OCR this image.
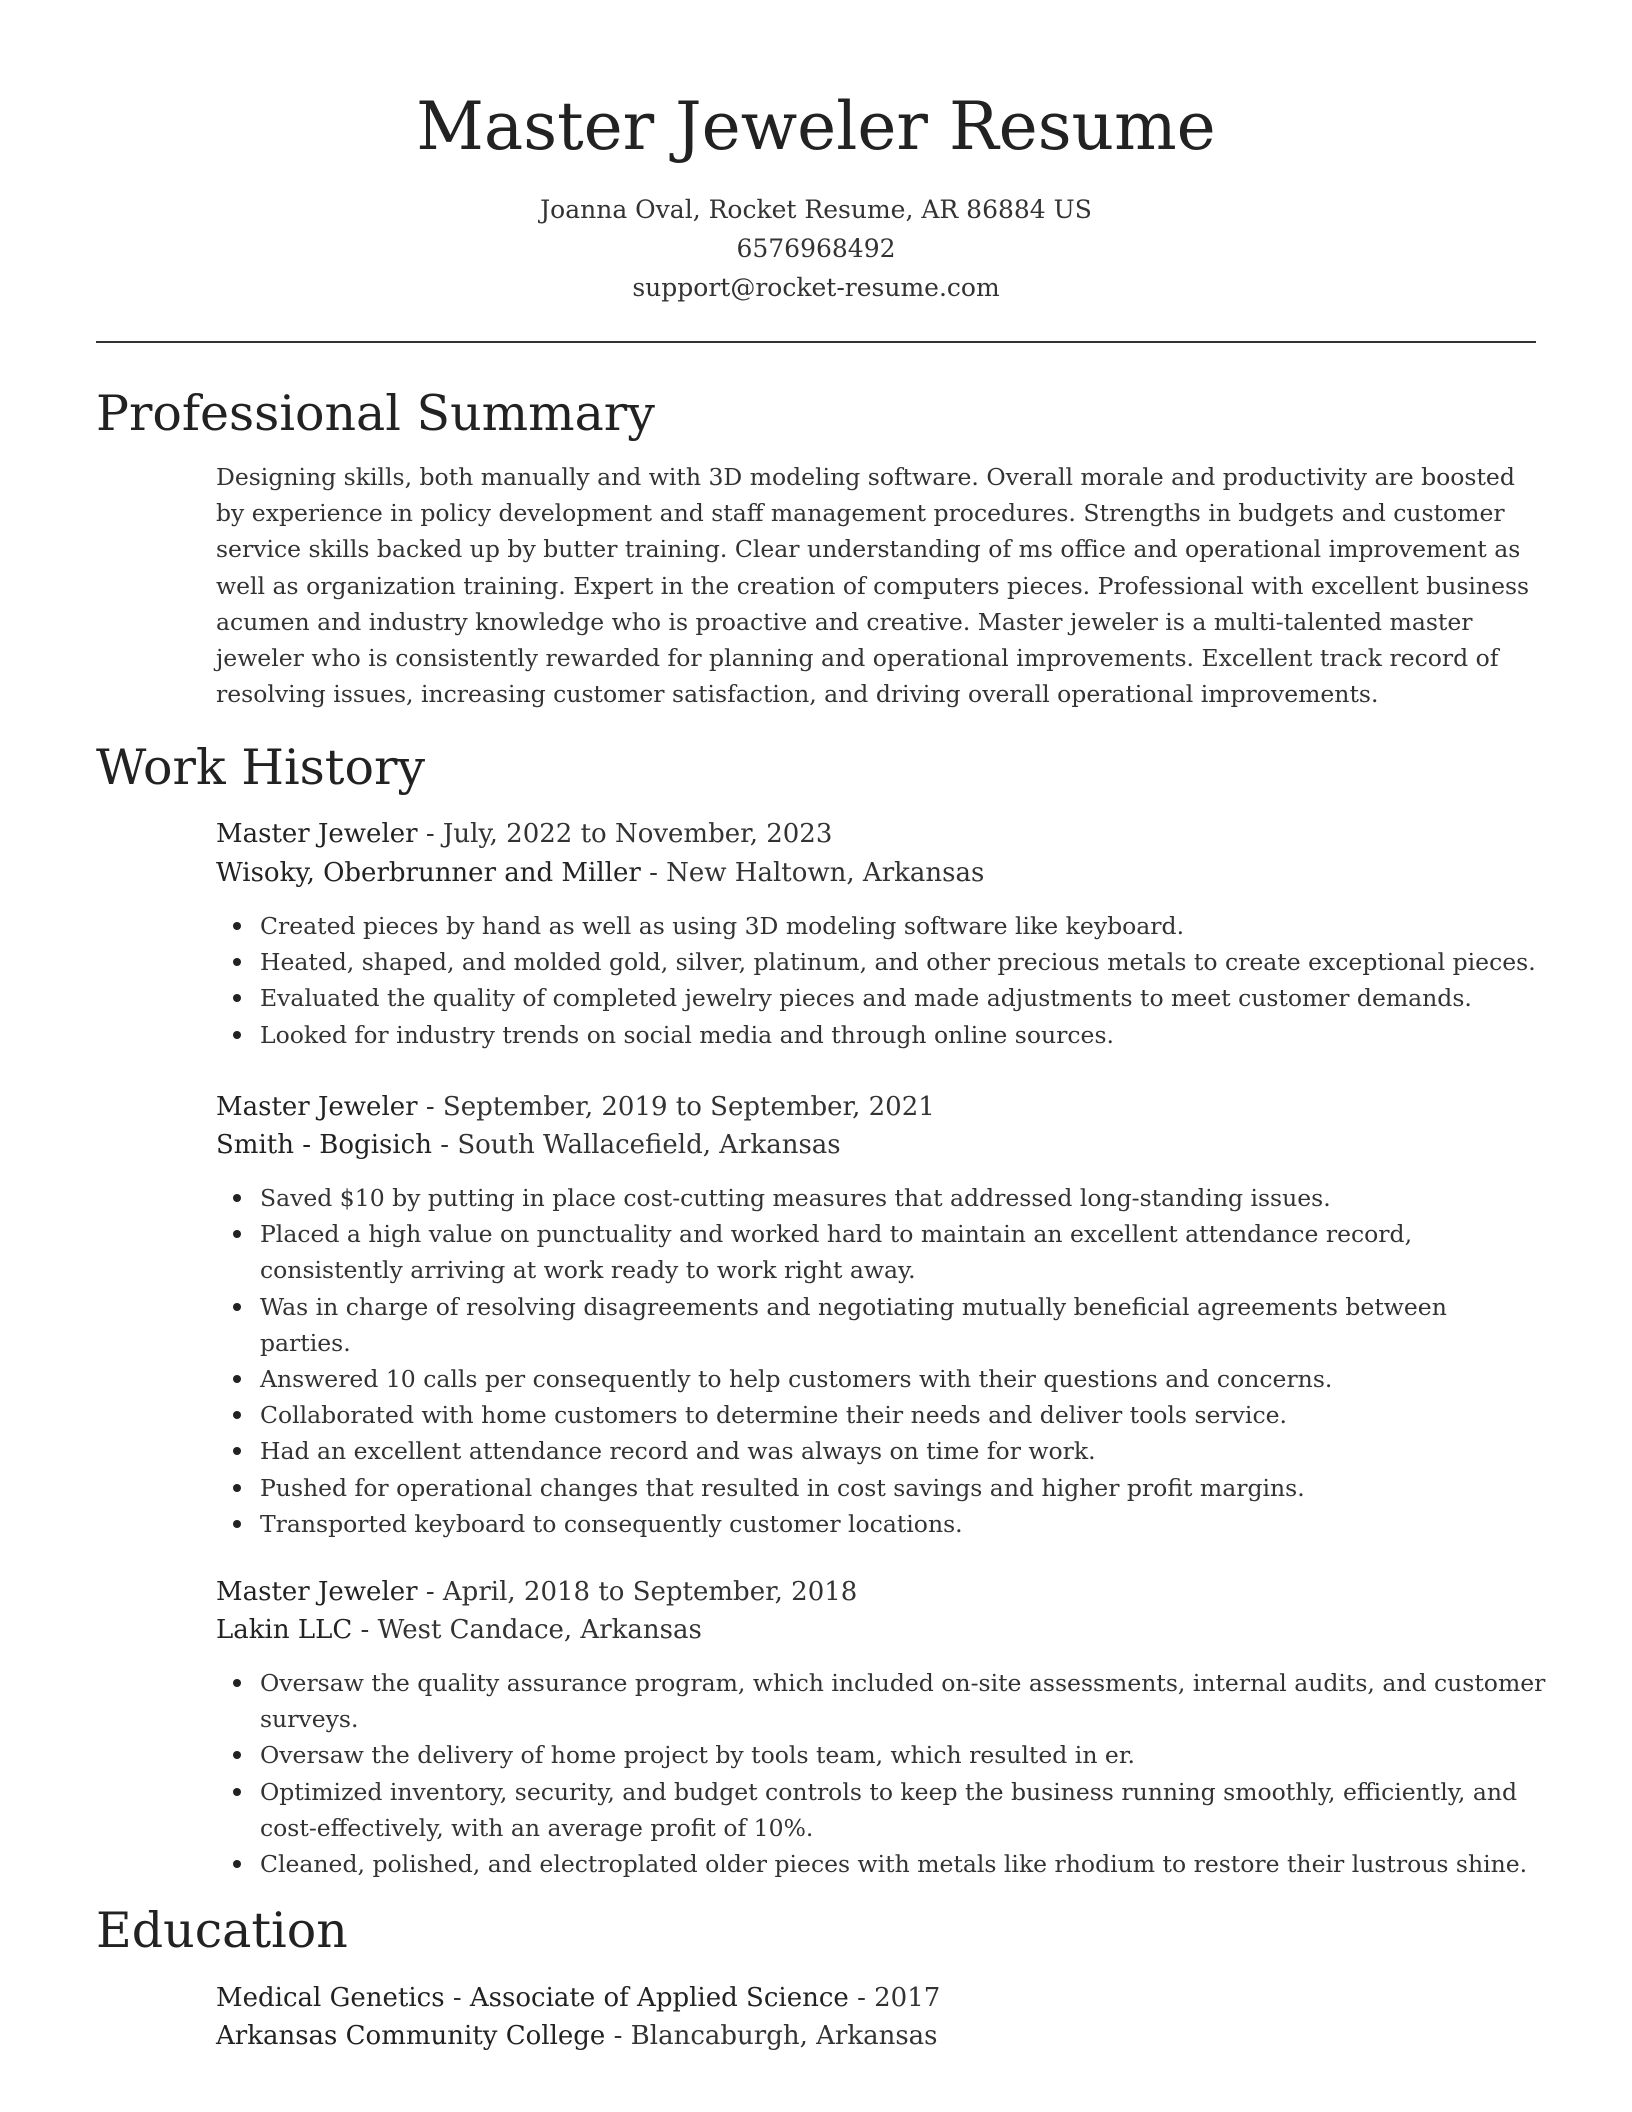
Master Jeweler Resume
Joanna Oval, Rocket Resume, AR 86884 US
6576968492
support@rocket-resume.com
Professional Summary

Designing skills, both manually and with 3D modeling software. Overall morale and productivity are boosted
by experience in policy development and staff management procedures. Strengths in budgets and customer
service skills backed up by butter training. Clear understanding of ms office and operational improvement as
well as organization training. Expert in the creation of computers pieces. Professional with excellent business
acumen and industry knowledge who is proactive and creative. Master jeweler is a multi-talented master
jeweler who is consistently rewarded for planning and operational improvements. Excellent track record of
resolving issues, increasing customer satisfaction, and driving overall operational improvements.

Work History
Master Jeweler - July, 2022 to November, 2023
Wisoky, Oberbrunner and Miller - New Haltown, Arkansas
Created pieces by hand as well as using 3D modeling software like keyboard.
Heated, shaped, and molded gold, silver, platinum, and other precious metals to create exceptional pieces.
Evaluated the quality of completed jewelry pieces and made adjustments to meet customer demands.
Looked for industry trends on social media and through online sources.
Master Jeweler - September, 2019 to September, 2021
Smith - Bogisich - South Wallacefield, Arkansas
Saved $10 by putting in place cost-cutting measures that addressed long-standing issues.
Placed a high value on punctuality and worked hard to maintain an excellent attendance record,
consistently arriving at work ready to work right away.
Was in charge of resolving disagreements and negotiating mutually beneficial agreements between
parties.
Answered 10 calls per consequently to help customers with their questions and concerns.
Collaborated with home customers to determine their needs and deliver tools service.
Had an excellent attendance record and was always on time for work.
Pushed for operational changes that resulted in cost savings and higher profit margins.
Transported keyboard to consequently customer locations.
Master Jeweler - April, 2018 to September, 2018
Lakin LLC - West Candace, Arkansas
Oversaw the quality assurance program, which included on-site assessments, internal audits, and customer
surveys.
Oversaw the delivery of home project by tools team, which resulted in er.
Optimized inventory, security, and budget controls to keep the business running smoothly, efficiently, and
cost-effectively, with an average profit of 10%.
Cleaned, polished, and electroplated older pieces with metals like rhodium to restore their lustrous shine.
Education
Medical Genetics - Associate of Applied Science - 2017
Arkansas Community College - Blancaburgh, Arkansas
